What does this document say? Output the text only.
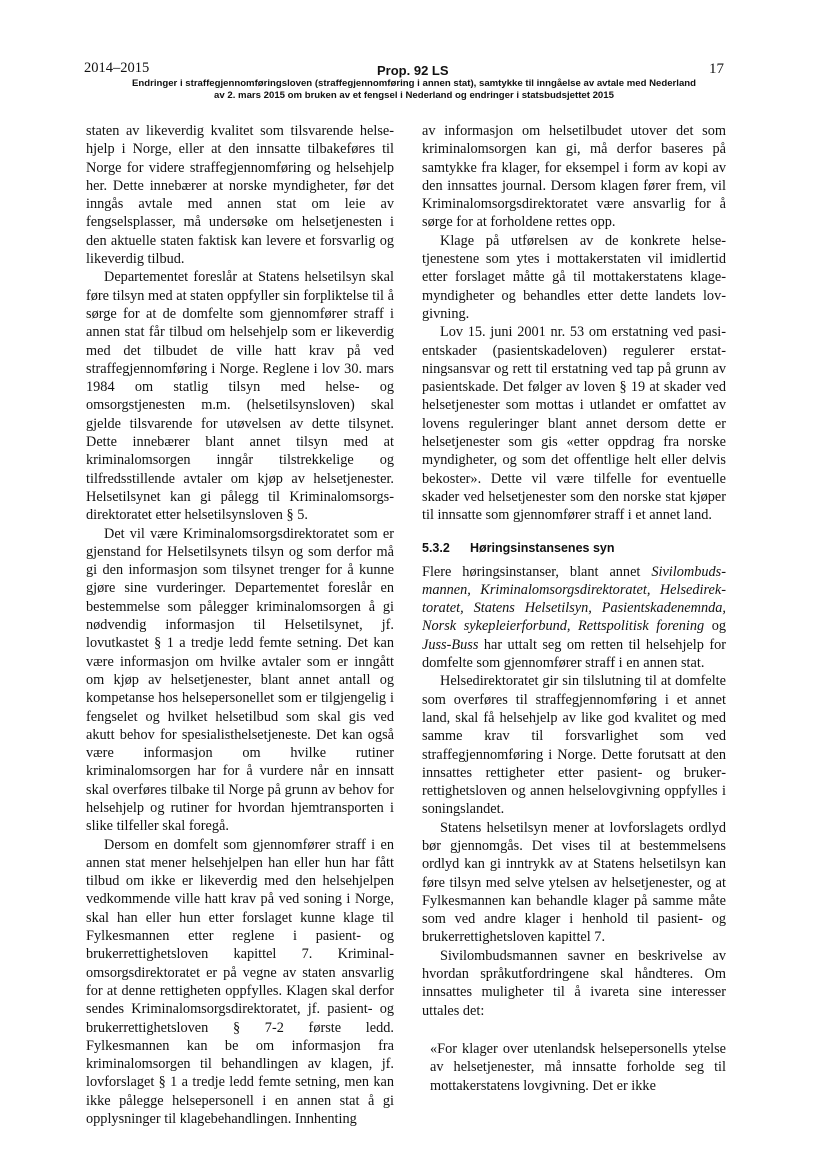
2014–2015	Prop. 92 LS	17
Endringer i straffegjennomføringsloven (straffegjennomføring i annen stat), samtykke til inngåelse av avtale med Nederland
av 2. mars 2015 om bruken av et fengsel i Nederland og endringer i statsbudsjettet 2015

staten av likeverdig kvalitet som tilsvarende helsehjelp i Norge, eller at den innsatte tilbakeføres til Norge for videre straffegjennomføring og helsehjelp her. Dette innebærer at norske myndigheter, før det inngås avtale med annen stat om leie av fengselsplasser, må undersøke om helsetjenesten i den aktuelle staten faktisk kan levere et forsvarlig og likeverdig tilbud.

Departementet foreslår at Statens helsetilsyn skal føre tilsyn med at staten oppfyller sin forpliktelse til å sørge for at de domfelte som gjennomfører straff i annen stat får tilbud om helsehjelp som er likeverdig med det tilbudet de ville hatt krav på ved straffegjennomføring i Norge. Reglene i lov 30. mars 1984 om statlig tilsyn med helse- og omsorgstjenesten m.m. (helsetilsynsloven) skal gjelde tilsvarende for utøvelsen av dette tilsynet. Dette innebærer blant annet tilsyn med at kriminalomsorgen inngår tilstrekkelige og tilfredsstillende avtaler om kjøp av helsetjenester. Helsetilsynet kan gi pålegg til Kriminalomsorgsdirektoratet etter helsetilsynsloven § 5.

Det vil være Kriminalomsorgsdirektoratet som er gjenstand for Helsetilsynets tilsyn og som derfor må gi den informasjon som tilsynet trenger for å kunne gjøre sine vurderinger. Departementet foreslår en bestemmelse som pålegger kriminalomsorgen å gi nødvendig informasjon til Helsetilsynet, jf. lovutkastet § 1 a tredje ledd femte setning. Det kan være informasjon om hvilke avtaler som er inngått om kjøp av helsetjenester, blant annet antall og kompetanse hos helsepersonellet som er tilgjengelig i fengselet og hvilket helsetilbud som skal gis ved akutt behov for spesialisthelsetjeneste. Det kan også være informasjon om hvilke rutiner kriminalomsorgen har for å vurdere når en innsatt skal overføres tilbake til Norge på grunn av behov for helsehjelp og rutiner for hvordan hjemtransporten i slike tilfeller skal foregå.

Dersom en domfelt som gjennomfører straff i en annen stat mener helsehjelpen han eller hun har fått tilbud om ikke er likeverdig med den helsehjelpen vedkommende ville hatt krav på ved soning i Norge, skal han eller hun etter forslaget kunne klage til Fylkesmannen etter reglene i pasient- og brukerrettighetsloven kapittel 7. Kriminalomsorgsdirektoratet er på vegne av staten ansvarlig for at denne rettigheten oppfylles. Klagen skal derfor sendes Kriminalomsorgsdirektoratet, jf. pasient- og brukerrettighetsloven § 7-2 første ledd. Fylkesmannen kan be om informasjon fra kriminalomsorgen til behandlingen av klagen, jf. lovforslaget § 1 a tredje ledd femte setning, men kan ikke pålegge helsepersonell i en annen stat å gi opplysninger til klagebehandlingen. Innhenting

av informasjon om helsetilbudet utover det som kriminalomsorgen kan gi, må derfor baseres på samtykke fra klager, for eksempel i form av kopi av den innsattes journal. Dersom klagen fører frem, vil Kriminalomsorgsdirektoratet være ansvarlig for å sørge for at forholdene rettes opp.

Klage på utførelsen av de konkrete helsetjenestene som ytes i mottakerstaten vil imidlertid etter forslaget måtte gå til mottakerstatens klagemyndigheter og behandles etter dette landets lovgivning.

Lov 15. juni 2001 nr. 53 om erstatning ved pasientskader (pasientskadeloven) regulerer erstatningsansvar og rett til erstatning ved tap på grunn av pasientskade. Det følger av loven § 19 at skader ved helsetjenester som mottas i utlandet er omfattet av lovens reguleringer blant annet dersom dette er helsetjenester som gis «etter oppdrag fra norske myndigheter, og som det offentlige helt eller delvis bekoster». Dette vil være tilfelle for eventuelle skader ved helsetjenester som den norske stat kjøper til innsatte som gjennomfører straff i et annet land.

5.3.2 Høringsinstansenes syn

Flere høringsinstanser, blant annet Sivilombudsmannen, Kriminalomsorgsdirektoratet, Helsedirektoratet, Statens Helsetilsyn, Pasientskadenemnda, Norsk sykepleierforbund, Rettspolitisk forening og Juss-Buss har uttalt seg om retten til helsehjelp for domfelte som gjennomfører straff i en annen stat.

Helsedirektoratet gir sin tilslutning til at domfelte som overføres til straffegjennomføring i et annet land, skal få helsehjelp av like god kvalitet og med samme krav til forsvarlighet som ved straffegjennomføring i Norge. Dette forutsatt at den innsattes rettigheter etter pasient- og brukerrettighetsloven og annen helselovgivning oppfylles i soningslandet.

Statens helsetilsyn mener at lovforslagets ordlyd bør gjennomgås. Det vises til at bestemmelsens ordlyd kan gi inntrykk av at Statens helsetilsyn kan føre tilsyn med selve ytelsen av helsetjenester, og at Fylkesmannen kan behandle klager på samme måte som ved andre klager i henhold til pasient- og brukerrettighetsloven kapittel 7.

Sivilombudsmannen savner en beskrivelse av hvordan språkutfordringene skal håndteres. Om innsattes muligheter til å ivareta sine interesser uttales det:

«For klager over utenlandsk helsepersonells ytelse av helsetjenester, må innsatte forholde seg til mottakerstatens lovgivning. Det er ikke
